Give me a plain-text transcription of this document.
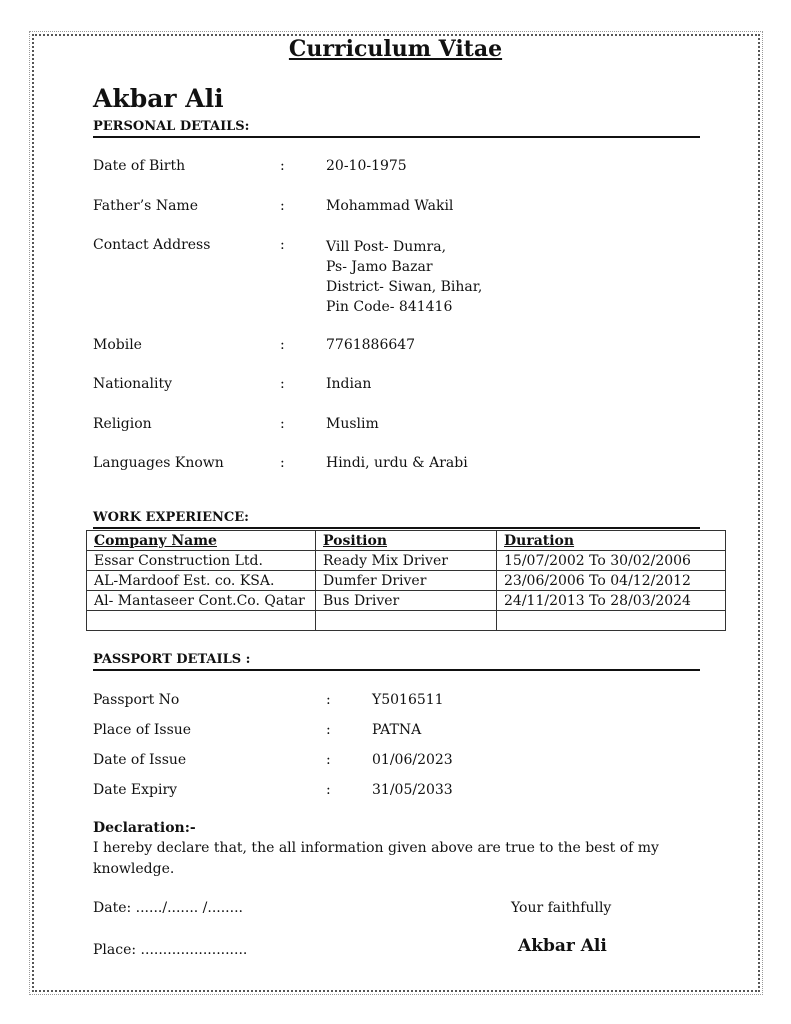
Curriculum Vitae
Akbar Ali
PERSONAL DETAILS:
Date of Birth	:	20-10-1975
Father’s Name	:	Mohammad Wakil
Contact Address	:	Vill Post- Dumra,
Ps- Jamo Bazar
District- Siwan, Bihar,
Pin Code- 841416
Mobile	:	7761886647
Nationality	:	Indian
Religion	:	Muslim
Languages Known	:	Hindi, urdu & Arabi
WORK EXPERIENCE:
Company Name	Position	Duration
Essar Construction Ltd.	Ready Mix Driver	15/07/2002 To 30/02/2006
AL-Mardoof Est. co. KSA.	Dumfer Driver	23/06/2006 To 04/12/2012
Al- Mantaseer Cont.Co. Qatar	Bus Driver	24/11/2013 To 28/03/2024

PASSPORT DETAILS :
Passport No	:	Y5016511
Place of Issue	:	PATNA
Date of Issue	:	01/06/2023
Date Expiry	:	31/05/2033
Declaration:-
I hereby declare that, the all information given above are true to the best of my knowledge.
Date: ....../....... /........	Your faithfully
Place: ........................	Akbar Ali
